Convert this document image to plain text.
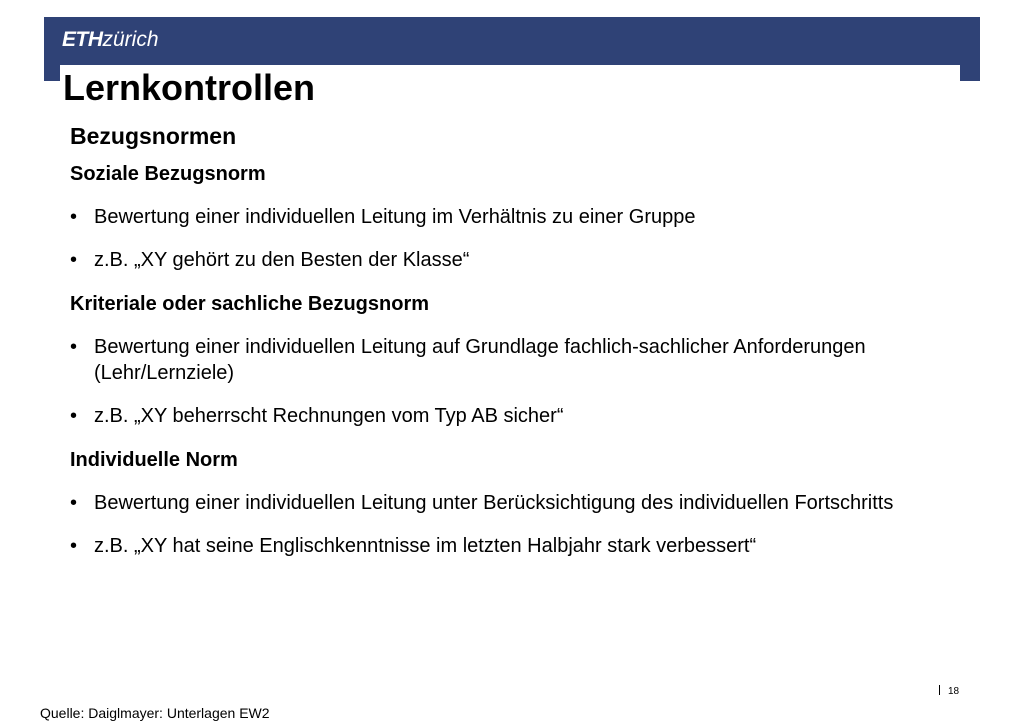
ETHzürich
Lernkontrollen
Bezugsnormen

Soziale Bezugsnorm

• Bewertung einer individuellen Leitung im Verhältnis zu einer Gruppe

• z.B. „XY gehört zu den Besten der Klasse“

Kriteriale oder sachliche Bezugsnorm

• Bewertung einer individuellen Leitung auf Grundlage fachlich-sachlicher Anforderungen (Lehr/Lernziele)

• z.B. „XY beherrscht Rechnungen vom Typ AB sicher“

Individuelle Norm

• Bewertung einer individuellen Leitung unter Berücksichtigung des individuellen Fortschritts

• z.B. „XY hat seine Englischkenntnisse im letzten Halbjahr stark verbessert“

Quelle: Daiglmayer: Unterlagen EW2
18
